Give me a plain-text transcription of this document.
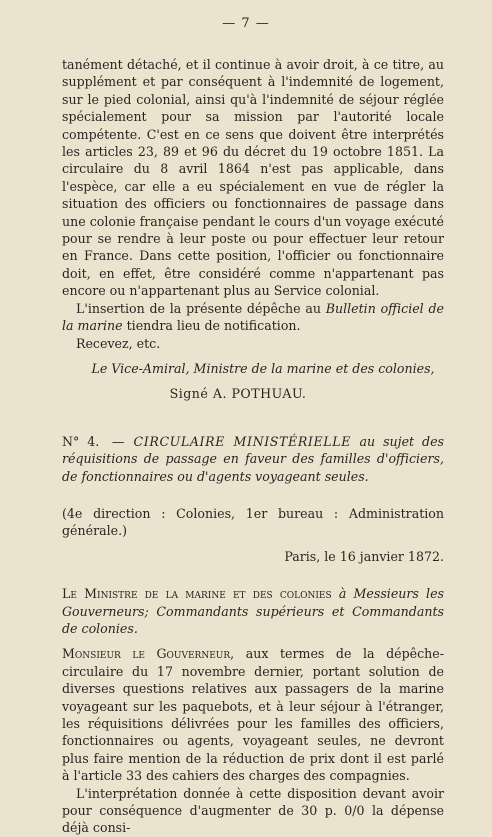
— 7 —

tanément détaché, et il continue à avoir droit, à ce titre, au supplément et par conséquent à l'indemnité de logement, sur le pied colonial, ainsi qu'à l'indemnité de séjour réglée spécialement pour sa mission par l'autorité locale compétente. C'est en ce sens que doivent être interprétés les articles 23, 89 et 96 du décret du 19 octobre 1851. La circulaire du 8 avril 1864 n'est pas applicable, dans l'espèce, car elle a eu spécialement en vue de régler la situation des officiers ou fonctionnaires de passage dans une colonie française pendant le cours d'un voyage exécuté pour se rendre à leur poste ou pour effectuer leur retour en France. Dans cette position, l'officier ou fonctionnaire doit, en effet, être considéré comme n'appartenant pas encore ou n'appartenant plus au Service colonial.

L'insertion de la présente dépêche au Bulletin officiel de la marine tiendra lieu de notification.

Recevez, etc.

Le Vice-Amiral, Ministre de la marine et des colonies,

Signé A. POTHUAU.

N° 4. — CIRCULAIRE MINISTÉRIELLE au sujet des réquisitions de passage en faveur des familles d'officiers, de fonctionnaires ou d'agents voyageant seules.

(4e direction : Colonies, 1er bureau : Administration générale.)

Paris, le 16 janvier 1872.

Le Ministre de la marine et des colonies à Messieurs les Gouverneurs; Commandants supérieurs et Commandants de colonies.

Monsieur le Gouverneur, aux termes de la dépêche-circulaire du 17 novembre dernier, portant solution de diverses questions relatives aux passagers de la marine voyageant sur les paquebots, et à leur séjour à l'étranger, les réquisitions délivrées pour les familles des officiers, fonctionnaires ou agents, voyageant seules, ne devront plus faire mention de la réduction de prix dont il est parlé à l'article 33 des cahiers des charges des compagnies.

L'interprétation donnée à cette disposition devant avoir pour conséquence d'augmenter de 30 p. 0/0 la dépense déjà consi-
